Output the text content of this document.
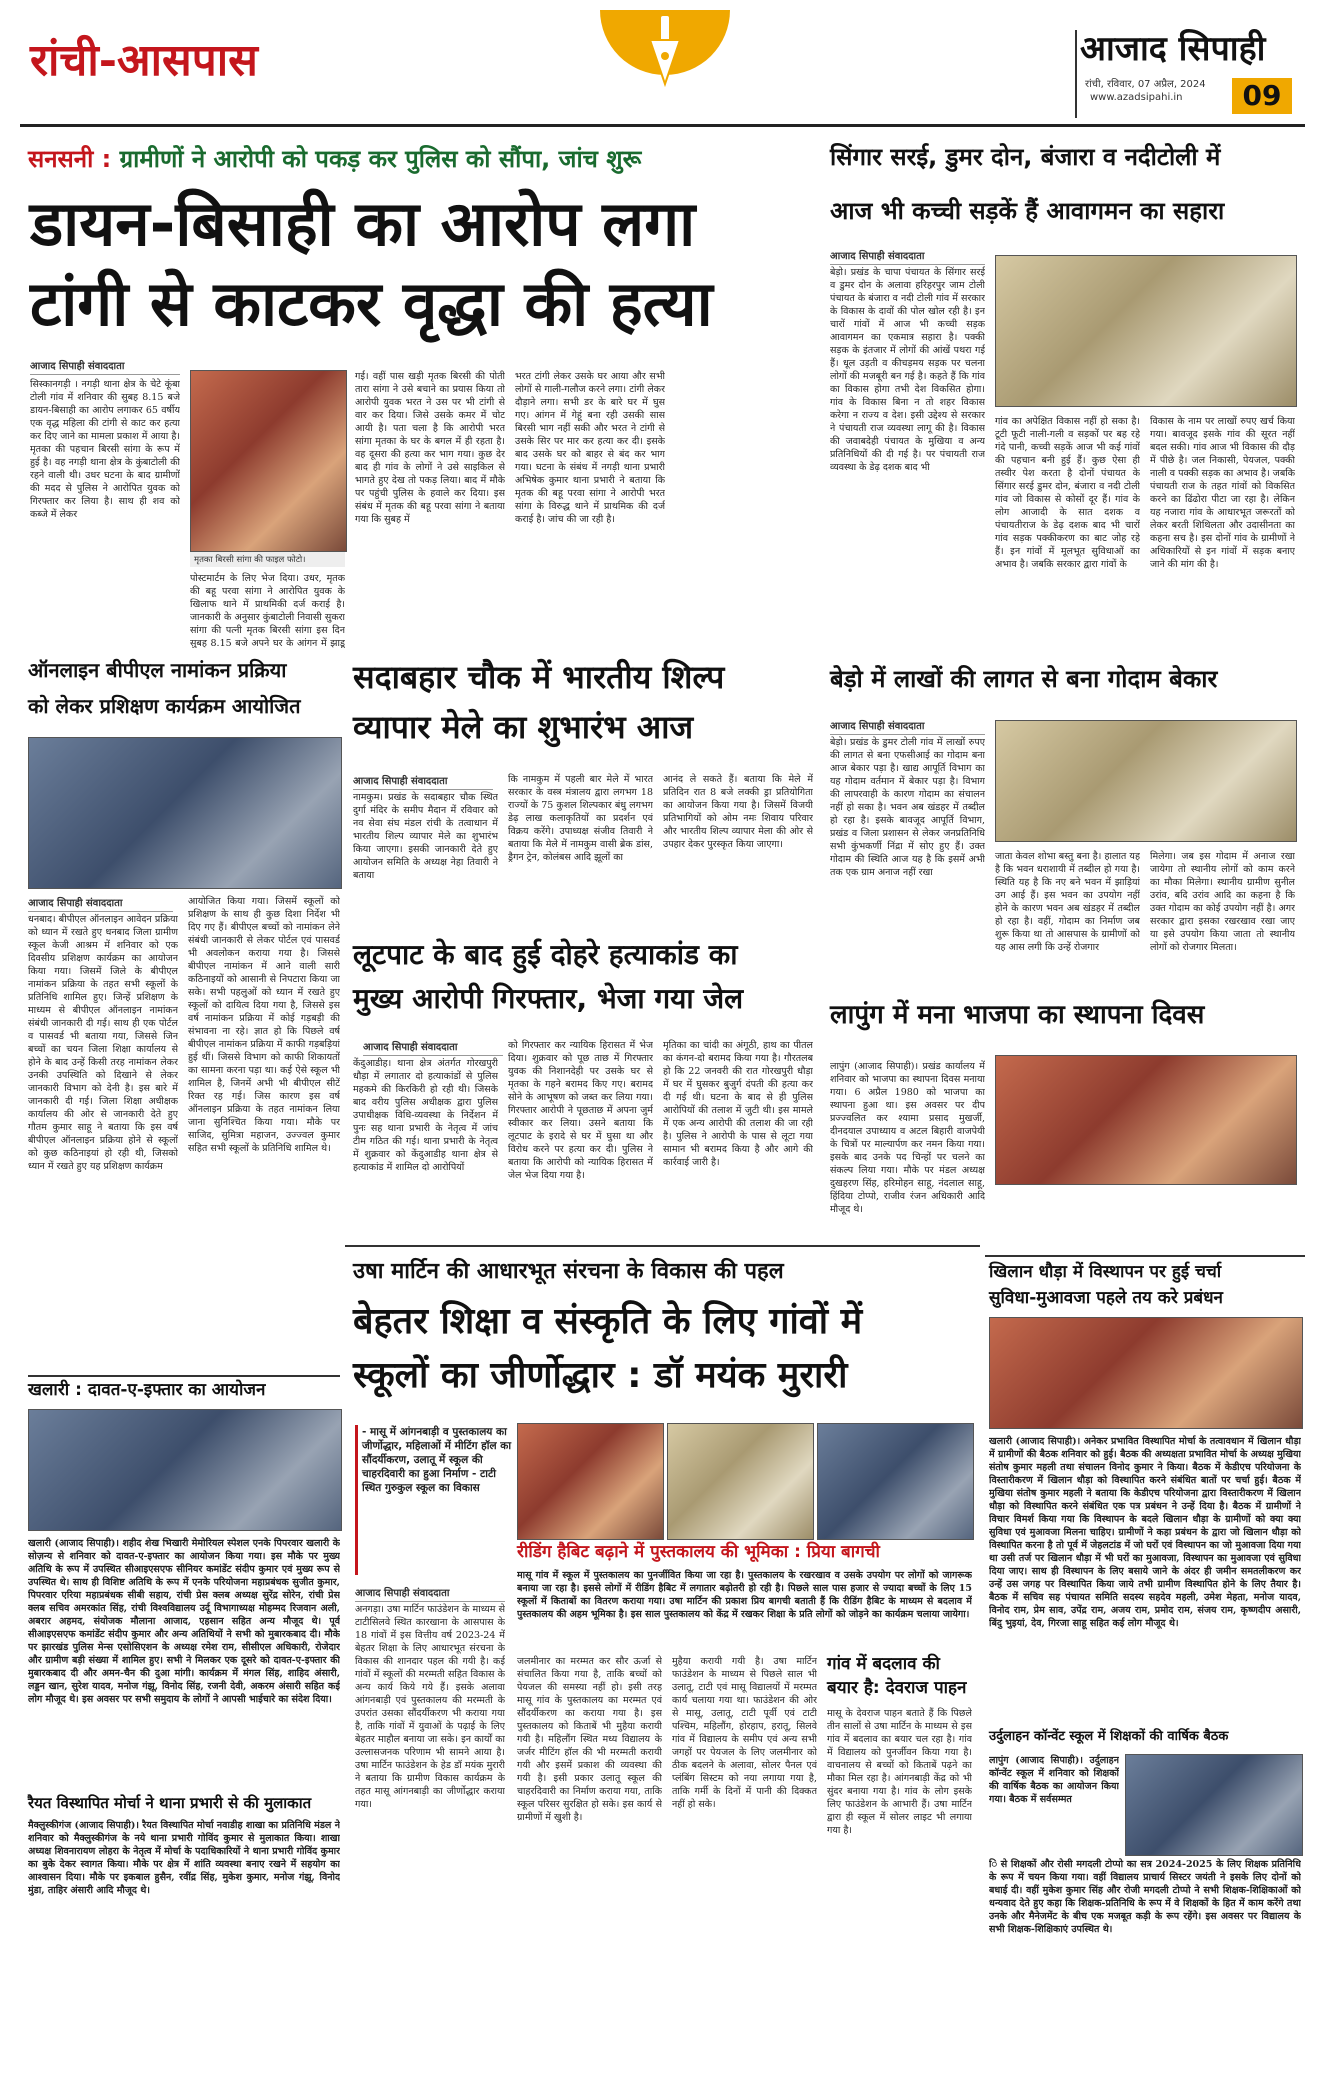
रांची-आसपास	आजाद सिपाही
रांची, रविवार, 07 अप्रैल, 2024
www.azadsipahi.in	09
सनसनी : ग्रामीणों ने आरोपी को पकड़ कर पुलिस को सौंपा, जांच शुरू
डायन-बिसाही का आरोप लगा
टांगी से काटकर वृद्धा की हत्या
आजाद सिपाही संवाददाता
सिस्कानगड़ी । नगड़ी थाना क्षेत्र के चेटे कूंबा टोली गांव में शनिवार की सुबह 8.15 बजे डायन-बिसाही का आरोप लगाकर 65 वर्षीय एक वृद्ध महिला की टांगी से काट कर हत्या कर दिए जाने का मामला प्रकाश में आया है। मृतका की पहचान बिरसी सांगा के रूप में हुई है। वह नगड़ी थाना क्षेत्र के कुंबाटोली की रहने वाली थी। उधर घटना के बाद ग्रामीणों की मदद से पुलिस ने आरोपित युवक को गिरफ्तार कर लिया है। साथ ही शव को कब्जे में लेकर
मृतका बिरसी सांगा की फाइल फोटो।
पोस्टमार्टम के लिए भेज दिया। उधर, मृतक की बहू परवा सांगा ने आरोपित युवक के खिलाफ थाने में प्राथमिकी दर्ज कराई है। जानकारी के अनुसार कुंबाटोली निवासी सुकरा सांगा की पत्नी मृतक बिरसी सांगा इस दिन सुबह 8.15 बजे अपने घर के आंगन में झाडू
गई। वहीं पास खड़ी मृतक बिरसी की पोती तारा सांगा ने उसे बचाने का प्रयास किया तो आरोपी युवक भरत ने उस पर भी टांगी से वार कर दिया। जिसे उसके कमर में चोट आयी है। पता चला है कि आरोपी भरत सांगा मृतका के घर के बगल में ही रहता है। वह दूसरा की हत्या कर भाग गया। कुछ देर बाद ही गांव के लोगों ने उसे साइकिल से भागते हुए देख तो पकड़ लिया। बाद में मौके पर पहुंची पुलिस के हवाले कर दिया। इस संबंध में मृतक की बहू परवा सांगा ने बताया गया कि सुबह में
भरत टांगी लेकर उसके घर आया और सभी लोगों से गाली-गलौज करने लगा। टांगी लेकर दौड़ाने लगा। सभी डर के बारे घर में घुस गए। आंगन में गेहूं बना रही उसकी सास बिरसी भाग नहीं सकी और भरत ने टांगी से उसके सिर पर मार कर हत्या कर दी। इसके बाद उसके घर को बाहर से बंद कर भाग गया। घटना के संबंध में नगड़ी थाना प्रभारी अभिषेक कुमार थाना प्रभारी ने बताया कि मृतक की बहू परवा सांगा ने आरोपी भरत सांगा के विरुद्ध थाने में प्राथमिक की दर्ज कराई है। जांच की जा रही है।
सिंगार सरई, डुमर दोन, बंजारा व नदीटोली में
आज भी कच्ची सड़कें हैं आवागमन का सहारा
आजाद सिपाही संवाददाता
बेड़ो। प्रखंड के चापा पंचायत के सिंगार सरई व डुमर दोन के अलावा हरिहरपुर जाम टोली पंचायत के बंजारा व नदी टोली गांव में सरकार के विकास के दावों की पोल खोल रही है। इन चारों गांवों में आज भी कच्ची सड़क आवागमन का एकमात्र सहारा है। पक्की सड़क के इंतजार में लोगों की आंखें पथरा गई हैं। धूल उड़ती व कीचड़मय सड़क पर चलना लोगों की मजबूरी बन गई है। कहते हैं कि गांव का विकास होगा तभी देश विकसित होगा। गांव के विकास बिना न तो शहर विकास करेगा न राज्य व देश। इसी उद्देश्य से सरकार ने पंचायती राज व्यवस्था लागू की है। विकास की जवाबदेही पंचायत के मुखिया व अन्य प्रतिनिधियों की दी गई है। पर पंचायती राज व्यवस्था के डेढ़ दशक बाद भी
गांव का अपेक्षित विकास नहीं हो सका है। टूटी फूटी नाली-गली व सड़कों पर बह रहे गंदे पानी, कच्ची सड़कें आज भी कई गांवों की पहचान बनी हुई हैं। कुछ ऐसा ही तस्वीर पेश करता है दोनों पंचायत के सिंगार सरई डुमर दोन, बंजारा व नदी टोली गांव जो विकास से कोसों दूर हैं। गांव के लोग आजादी के सात दशक व पंचायतीराज के डेढ़ दशक बाद भी चारों गांव सड़क पक्कीकरण का बाट जोह रहे हैं। इन गांवों में मूलभूत सुविधाओं का अभाव है। जबकि सरकार द्वारा गांवों के
विकास के नाम पर लाखों रुपए खर्च किया गया। बावजूद इसके गांव की सूरत नहीं बदल सकी। गांव आज भी विकास की दौड़ में पीछे है। जल निकासी, पेयजल, पक्की नाली व पक्की सड़क का अभाव है। जबकि पंचायती राज के तहत गांवों को विकसित करने का ढिंढोरा पीटा जा रहा है। लेकिन यह नजारा गांव के आधारभूत जरूरतों को लेकर बरती शिथिलता और उदासीनता का कहना सच है। इस दोनों गांव के ग्रामीणों ने अधिकारियों से इन गांवों में सड़क बनाए जाने की मांग की है।
ऑनलाइन बीपीएल नामांकन प्रक्रिया
को लेकर प्रशिक्षण कार्यक्रम आयोजित
आजाद सिपाही संवाददाता
धनबाद। बीपीएल ऑनलाइन आवेदन प्रक्रिया को ध्यान में रखते हुए धनबाद जिला ग्रामीण स्कूल केजी आश्रम में शनिवार को एक दिवसीय प्रशिक्षण कार्यक्रम का आयोजन किया गया। जिसमें जिले के बीपीएल नामांकन प्रक्रिया के तहत सभी स्कूलों के प्रतिनिधि शामिल हुए। जिन्हें प्रशिक्षण के माध्यम से बीपीएल ऑनलाइन नामांकन संबंधी जानकारी दी गई। साथ ही एक पोर्टल व पासवर्ड भी बताया गया, जिससे जिन बच्चों का चयन जिला शिक्षा कार्यालय से होने के बाद उन्हें किसी तरह नामांकन लेकर उनकी उपस्थिति को दिखाने से लेकर जानकारी विभाग को देनी है। इस बारे में जानकारी दी गई। जिला शिक्षा अधीक्षक कार्यालय की ओर से जानकारी देते हुए गौतम कुमार साहू ने बताया कि इस वर्ष बीपीएल ऑनलाइन प्रक्रिया होने से स्कूलों को कुछ कठिनाइयां हो रही थी, जिसको ध्यान में रखते हुए यह प्रशिक्षण कार्यक्रम
आयोजित किया गया। जिसमें स्कूलों को प्रशिक्षण के साथ ही कुछ दिशा निर्देश भी दिए गए हैं। बीपीएल बच्चों को नामांकन लेने संबंधी जानकारी से लेकर पोर्टल एवं पासवर्ड भी अवलोकन कराया गया है। जिससे बीपीएल नामांकन में आने वाली सारी कठिनाइयों को आसानी से निपटारा किया जा सके। सभी पहलुओं को ध्यान में रखते हुए स्कूलों को दायित्व दिया गया है, जिससे इस वर्ष नामांकन प्रक्रिया में कोई गड़बड़ी की संभावना ना रहे। ज्ञात हो कि पिछले वर्ष बीपीएल नामांकन प्रक्रिया में काफी गड़बड़ियां हुई थीं। जिससे विभाग को काफी शिकायतों का सामना करना पड़ा था। कई ऐसे स्कूल भी शामिल है, जिनमें अभी भी बीपीएल सीटें रिक्त रह गई। जिस कारण इस वर्ष ऑनलाइन प्रक्रिया के तहत नामांकन लिया जाना सुनिश्चित किया गया। मौके पर साजिद, सुमित्रा महाजन, उज्ज्वल कुमार सहित सभी स्कूलों के प्रतिनिधि शामिल थे।
सदाबहार चौक में भारतीय शिल्प
व्यापार मेले का शुभारंभ आज
आजाद सिपाही संवाददाता
नामकुम। प्रखंड के सदाबहार चौक स्थित दुर्गा मंदिर के समीप मैदान में रविवार को नव सेवा संघ मंडल रांची के तत्वाधान में भारतीय शिल्प व्यापार मेले का शुभारंभ किया जाएगा। इसकी जानकारी देते हुए आयोजन समिति के अध्यक्ष नेहा तिवारी ने बताया
कि नामकुम में पहली बार मेले में भारत सरकार के वस्त्र मंत्रालय द्वारा लगभग 18 राज्यों के 75 कुशल शिल्पकार बंधु लगभग डेढ़ लाख कलाकृतियों का प्रदर्शन एवं विक्रय करेंगे। उपाध्यक्ष संजीव तिवारी ने बताया कि मेले में नामकुम वासी ब्रेक डांस, ड्रैगन ट्रेन, कोलंबस आदि झूलों का
आनंद ले सकते हैं। बताया कि मेले में प्रतिदिन रात 8 बजे लक्की ड्रा प्रतियोगिता का आयोजन किया गया है। जिसमें विजयी प्रतिभागियों को ओम नमः शिवाय परिवार और भारतीय शिल्प व्यापार मेला की ओर से उपहार देकर पुरस्कृत किया जाएगा।
बेड़ो में लाखों की लागत से बना गोदाम बेकार
आजाद सिपाही संवाददाता
बेड़ो। प्रखंड के डुमर टोली गांव में लाखों रुपए की लागत से बना एफसीआई का गोदाम बना आज बेकार पड़ा है। खाद्य आपूर्ति विभाग का यह गोदाम वर्तमान में बेकार पड़ा है। विभाग की लापरवाही के कारण गोदाम का संचालन नहीं हो सका है। भवन अब खंडहर में तब्दील हो रहा है। इसके बावजूद आपूर्ति विभाग, प्रखंड व जिला प्रशासन से लेकर जनप्रतिनिधि सभी कुंभकर्णी निंद्रा में सोए हुए हैं। उक्त गोदाम की स्थिति आज यह है कि इसमें अभी तक एक ग्राम अनाज नहीं रखा
जाता केवल शोभा बस्तु बना है। हालात यह है कि भवन धराशायी में तब्दील हो गया है। स्थिति यह है कि नए बने भवन में झाड़ियां उग आई हैं। इस भवन का उपयोग नहीं होने के कारण भवन अब खंडहर में तब्दील हो रहा है। वहीं, गोदाम का निर्माण जब शुरू किया था तो आसपास के ग्रामीणों को यह आस लगी कि उन्हें रोजगार
मिलेगा। जब इस गोदाम में अनाज रखा जायेगा तो स्थानीय लोगों को काम करने का मौका मिलेगा। स्थानीय ग्रामीण सुनील उरांव, बदि उरांव आदि का कहना है कि उक्त गोदाम का कोई उपयोग नहीं है। अगर सरकार द्वारा इसका रखरखाव रखा जाए या इसे उपयोग किया जाता तो स्थानीय लोगों को रोजगार मिलता।
लूटपाट के बाद हुई दोहरे हत्याकांड का
मुख्य आरोपी गिरफ्तार, भेजा गया जेल
आजाद सिपाही संवाददाता
केंदुआडीह। थाना क्षेत्र अंतर्गत गोरखपुरी धौड़ा में लगातार दो हत्याकांडों से पुलिस महकमे की किरकिरी हो रही थी। जिसके बाद वरीय पुलिस अधीक्षक द्वारा पुलिस उपाधीक्षक विधि-व्यवस्था के निर्देशन में पुनः सह थाना प्रभारी के नेतृत्व में जांच टीम गठित की गई। थाना प्रभारी के नेतृत्व में शुक्रवार को केंदुआडीह थाना क्षेत्र से हत्याकांड में शामिल दो आरोपियों
को गिरफ्तार कर न्यायिक हिरासत में भेज दिया। शुक्रवार को पूछ ताछ में गिरफ्तार युवक की निशानदेही पर उसके घर से मृतका के गहने बरामद किए गए। बरामद सोने के आभूषण को जब्त कर लिया गया। गिरफ्तार आरोपी ने पूछताछ में अपना जुर्म स्वीकार कर लिया। उसने बताया कि लूटपाट के इरादे से घर में घुसा था और विरोध करने पर हत्या कर दी। पुलिस ने बताया कि आरोपी को न्यायिक हिरासत में जेल भेज दिया गया है।
मृतिका का चांदी का अंगूठी, हाथ का पीतल का कंगन-दो बरामद किया गया है। गौरतलब हो कि 22 जनवरी की रात गोरखपुरी धौड़ा में घर में घुसकर बुजुर्ग दंपती की हत्या कर दी गई थी। घटना के बाद से ही पुलिस आरोपियों की तलाश में जुटी थी। इस मामले में एक अन्य आरोपी की तलाश की जा रही है। पुलिस ने आरोपी के पास से लूटा गया सामान भी बरामद किया है और आगे की कार्रवाई जारी है।
लापुंग में मना भाजपा का स्थापना दिवस
लापुंग (आजाद सिपाही)। प्रखंड कार्यालय में शनिवार को भाजपा का स्थापना दिवस मनाया गया। 6 अप्रैल 1980 को भाजपा का स्थापना हुआ था। इस अवसर पर दीप प्रज्ज्वलित कर श्यामा प्रसाद मुखर्जी, दीनदयाल उपाध्याय व अटल बिहारी वाजपेयी के चित्रों पर माल्यार्पण कर नमन किया गया। इसके बाद उनके पद चिन्हों पर चलने का संकल्प लिया गया। मौके पर मंडल अध्यक्ष दुखहरण सिंह, हरिमोहन साहू, नंदलाल साहू, हिंदिया टोप्पो, राजीव रंजन अधिकारी आदि मौजूद थे।
उषा मार्टिन की आधारभूत संरचना के विकास की पहल
बेहतर शिक्षा व संस्कृति के लिए गांवों में
स्कूलों का जीर्णोद्धार : डॉ मयंक मुरारी
- मासू में आंगनबाड़ी व पुस्तकालय का जीर्णोद्धार, महिलाओं में मीटिंग हॉल का सौंदर्यीकरण, उलातू में स्कूल की चाहरदिवारी का हुआ निर्माण - टाटी स्थित गुरुकुल स्कूल का विकास
आजाद सिपाही संवाददाता
रीडिंग हैबिट बढ़ाने में पुस्तकालय की भूमिका : प्रिया बागची
मासू गांव में स्कूल में पुस्तकालय का पुनर्जीवित किया जा रहा है। पुस्तकालय के रखरखाव व उसके उपयोग पर लोगों को जागरूक बनाया जा रहा है। इससे लोगों में रीडिंग हैबिट में लगातार बढ़ोतरी हो रही है। पिछले साल पास हजार से ज्यादा बच्चों के लिए 15 स्कूलों में किताबों का वितरण कराया गया। उषा मार्टिन की प्रकाश प्रिय बागची बताती हैं कि रीडिंग हैबिट के माध्यम से बदलाव में पुस्तकालय की अहम भूमिका है। इस साल पुस्तकालय को केंद्र में रखकर शिक्षा के प्रति लोगों को जोड़ने का कार्यक्रम चलाया जायेगा।
अनगड़ा। उषा मार्टिन फाउंडेशन के माध्यम से टाटीसिलवे स्थित कारखाना के आसपास के 18 गांवों में इस वित्तीय वर्ष 2023-24 में बेहतर शिक्षा के लिए आधारभूत संरचना के विकास की शानदार पहल की गयी है। कई गांवों में स्कूलों की मरम्मती सहित विकास के अन्य कार्य किये गये हैं। इसके अलावा आंगनबाड़ी एवं पुस्तकालय की मरम्मती के उपरांत उसका सौंदर्यीकरण भी कराया गया है, ताकि गांवों में युवाओं के पढ़ाई के लिए बेहतर माहौल बनाया जा सके। इन कार्यों का उल्लासजनक परिणाम भी सामने आया है। उषा मार्टिन फाउंडेशन के हेड डॉ मयंक मुरारी ने बताया कि ग्रामीण विकास कार्यक्रम के तहत मासू आंगनबाड़ी का जीर्णोद्धार कराया गया।
जलमीनार का मरम्मत कर सौर ऊर्जा से संचालित किया गया है, ताकि बच्चों को पेयजल की समस्या नहीं हो। इसी तरह मासू गांव के पुस्तकालय का मरम्मत एवं सौंदर्यीकरण का कराया गया है। इस पुस्तकालय को किताबें भी मुहैया करायी गयी है। महिलौंग स्थित मध्य विद्यालय के जर्जर मीटिंग हॉल की भी मरम्मती करायी गयी और इसमें प्रकाश की व्यवस्था की गयी है। इसी प्रकार उलातू स्कूल की चाहरदिवारी का निर्माण कराया गया, ताकि स्कूल परिसर सुरक्षित हो सके। इस कार्य से ग्रामीणों में खुशी है।
मुहैया करायी गयी है। उषा मार्टिन फाउंडेशन के माध्यम से पिछले साल भी उलातू, टाटी एवं मासू विद्यालयों में मरम्मत कार्य चलाया गया था। फाउंडेशन की ओर से मासू, उलातू, टाटी पूर्वी एवं टाटी पश्चिम, महिलौंग, होरहाप, हरातू, सिलवे गांव में विद्यालय के समीप एवं अन्य सभी जगहों पर पेयजल के लिए जलमीनार को ठीक बदलने के अलावा, सोलर पैनल एवं प्लंबिंग सिस्टम को नया लगाया गया है, ताकि गर्मी के दिनों में पानी की दिक्कत नहीं हो सके।
गांव में बदलाव की
बयार है: देवराज पाहन
मासू के देवराज पाहन बताते हैं कि पिछले तीन सालों से उषा मार्टिन के माध्यम से इस गांव में बदलाव का बयार चल रहा है। गांव में विद्यालय को पुनर्जीवन किया गया है। वाचनालय से बच्चों को किताबें पढ़ने का मौका मिल रहा है। आंगनबाड़ी केंद्र को भी सुंदर बनाया गया है। गांव के लोग इसके लिए फाउंडेशन के आभारी हैं। उषा मार्टिन द्वारा ही स्कूल में सोलर लाइट भी लगाया गया है।
खलारी : दावत-ए-इफ्तार का आयोजन
खलारी (आजाद सिपाही)। शहीद शेख भिखारी मेमोरियल स्पेशल एनके पिपरवार खलारी के सोज़न्य से शनिवार को दावत-ए-इफ्तार का आयोजन किया गया। इस मौके पर मुख्य अतिथि के रूप में उपस्थित सीआइएसएफ सीनियर कमांडेंट संदीप कुमार एवं मुख्य रूप से उपस्थित थे। साथ ही विशिष्ट अतिथि के रूप में एनके परियोजना महाप्रबंधक सुजीत कुमार, पिपरवार एरिया महाप्रबंधक सीबी सहाय, रांची प्रेस क्लब अध्यक्ष सुरेंद्र सोरेन, रांची प्रेस क्लब सचिव अमरकांत सिंह, रांची विश्वविद्यालय उर्दू विभागाध्यक्ष मोहम्मद रिजवान अली, अबरार अहमद, संयोजक मौलाना आजाद, एहसान सहित अन्य मौजूद थे। पूर्व सीआइएसएफ कमांडेंट संदीप कुमार और अन्य अतिथियों ने सभी को मुबारकबाद दी। मौके पर झारखंड पुलिस मेन्स एसोसिएशन के अध्यक्ष रमेश राम, सीसीएल अधिकारी, रोजेदार और ग्रामीण बड़ी संख्या में शामिल हुए। सभी ने मिलकर एक दूसरे को दावत-ए-इफ्तार की मुबारकबाद दी और अमन-चैन की दुआ मांगी। कार्यक्रम में मंगल सिंह, शाहिद अंसारी, लड्डन खान, सुरेश यादव, मनोज गंझू, विनोद सिंह, रजनी देवी, अकरम अंसारी सहित कई लोग मौजूद थे। इस अवसर पर सभी समुदाय के लोगों ने आपसी भाईचारे का संदेश दिया।
रैयत विस्थापित मोर्चा ने थाना प्रभारी से की मुलाकात
मैक्लुस्कीगंज (आजाद सिपाही)। रैयत विस्थापित मोर्चा नवाडीह शाखा का प्रतिनिधि मंडल ने शनिवार को मैक्लुस्कीगंज के नये थाना प्रभारी गोविंद कुमार से मुलाकात किया। शाखा अध्यक्ष शिवनारायण लोहरा के नेतृत्व में मोर्चा के पदाधिकारियों ने थाना प्रभारी गोविंद कुमार का बुके देकर स्वागत किया। मौके पर क्षेत्र में शांति व्यवस्था बनाए रखने में सहयोग का आश्वासन दिया। मौके पर इकबाल हुसैन, रवींद्र सिंह, मुकेश कुमार, मनोज गंझू, विनोद मुंडा, ताहिर अंसारी आदि मौजूद थे।
खिलान धौड़ा में विस्थापन पर हुई चर्चा
सुविधा-मुआवजा पहले तय करे प्रबंधन
खलारी (आजाद सिपाही)। अनेकर प्रभावित विस्थापित मोर्चा के तत्वावधान में खिलान धौड़ा में ग्रामीणों की बैठक शनिवार को हुई। बैठक की अध्यक्षता प्रभावित मोर्चा के अध्यक्ष मुखिया संतोष कुमार महली तथा संचालन विनोद कुमार ने किया। बैठक में केडीएच परियोजना के विस्तारीकरण में खिलान धौड़ा को विस्थापित करने संबंधित बातों पर चर्चा हुई। बैठक में मुखिया संतोष कुमार महली ने बताया कि केडीएच परियोजना द्वारा विस्तारीकरण में खिलान धौड़ा को विस्थापित करने संबंधित एक पत्र प्रबंधन ने उन्हें दिया है। बैठक में ग्रामीणों ने विचार विमर्श किया गया कि विस्थापन के बदले खिलान धौड़ा के ग्रामीणों को क्या क्या सुविधा एवं मुआवजा मिलना चाहिए। ग्रामीणों ने कहा प्रबंधन के द्वारा जो खिलान धौड़ा को विस्थापित करना है तो पूर्व में जेहलटांड में जो घरों एवं विस्थापन का जो मुआवजा दिया गया था उसी तर्ज पर खिलान धौड़ा में भी घरों का मुआवजा, विस्थापन का मुआवजा एवं सुविधा दिया जाए। साथ ही विस्थापन के लिए बसाये जाने के अंदर ही जमीन समतलीकरण कर उन्हें उस जगह पर विस्थापित किया जाये तभी ग्रामीण विस्थापित होने के लिए तैयार है। बैठक में सचिव सह पंचायत समिति सदस्य सहदेव महली, उमेश मेहता, मनोज यादव, विनोद राम, प्रेम साव, उपेंद्र राम, अजय राम, प्रमोद राम, संजय राम, कृष्णदीप असारी, बिंदु भुइयां, देव, गिरजा साहू सहित कई लोग मौजूद थे।
उर्दुलाहन कॉन्वेंट स्कूल में शिक्षकों की वार्षिक बैठक
लापुंग (आजाद सिपाही)। उर्दुलाहन कॉन्वेंट स्कूल में शनिवार को शिक्षकों की वार्षिक बैठक का आयोजन किया गया। बैठक में सर्वसम्मत
ि से शिक्षकों और रोसी मगदली टोप्पो का सत्र 2024-2025 के लिए शिक्षक प्रतिनिधि के रूप में चयन किया गया। वहीं विद्यालय प्राचार्य सिस्टर जयंती ने इसके लिए दोनों को बधाई दी। वहीं मुकेश कुमार सिंह और रोजी मगदली टोप्पो ने सभी शिक्षक-शिक्षिकाओं को धन्यवाद देते हुए कहा कि शिक्षक-प्रतिनिधि के रूप में वे शिक्षकों के हित में काम करेंगे तथा उनके और मैनेजमेंट के बीच एक मजबूत कड़ी के रूप रहेंगे। इस अवसर पर विद्यालय के सभी शिक्षक-शिक्षिकाएं उपस्थित थे।
